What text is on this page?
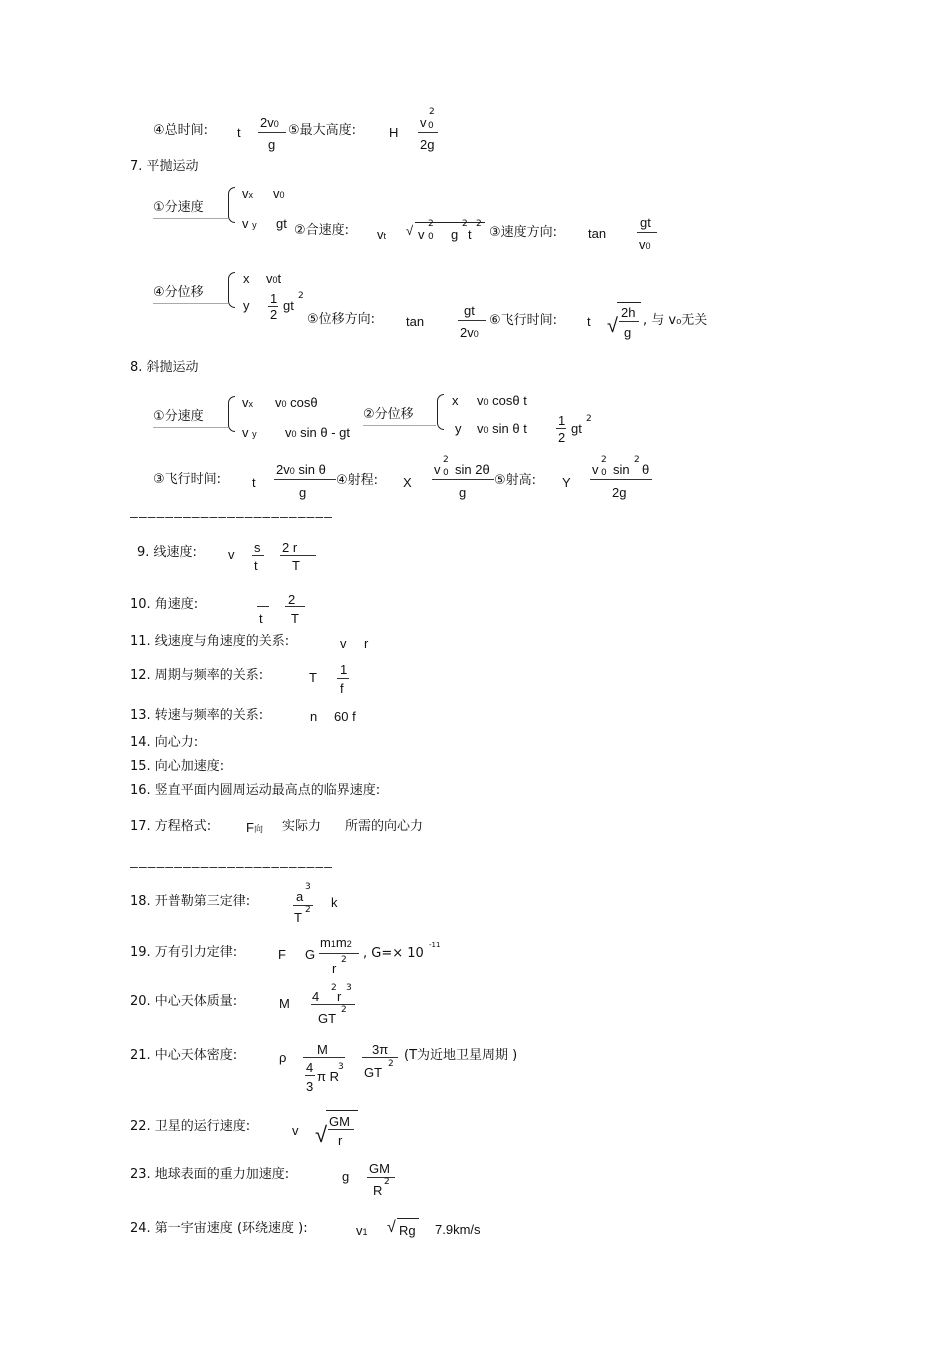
④总时间: t
2v0
g
⑤最大高度:	H
v
2
0
2g
7. 平抛运动
①分速度
vx v0
v y gt ②合速度: vt √ v
2
0 g
2
t
2
③速度方向: tan
gt
v0
④分位移
x v0t
y 1
2
gt
2
⑤位移方向: tan
gt
2v0
⑥飞行时间: t √
2h
g
, 与 v₀无关
8. 斜抛运动
①分速度
vx v0 cosθ
v y v0 sin θ - gt
②分位移
x v0 cosθ t
y v0 sin θ t
1
2
gt
2
③飞行时间: t
2v0 sin θ
g
④射程: X
v
2
0 sin 2θ
g
⑤射高: Y
v
2
0 sin
2
θ
2g
———————————————————————
9. 线速度: v s
t
2 r
T
10. 角速度:
t
2
T
11. 线速度与角速度的关系:	v r
12. 周期与频率的关系:	T
1
f
13. 转速与频率的关系:	n 60 f
14. 向心力:
15. 向心加速度:
16. 竖直平面内圆周运动最高点的临界速度:
17. 方程格式:	F向 实际力 所需的向心力
———————————————————————
18. 开普勒第三定律:	a
3
T 2 k
19. 万有引力定律:	F G
m1m2
r
2 , G=× 10
-11
20. 中心天体质量:	M 4
2
r
3
GT
2
21. 中心天体密度:	ρ
M
4
3
π R
3
3π
GT
2
(T为近地卫星周期 )
22. 卫星的运行速度:	v √
GM
r
23. 地球表面的重力加速度:	g
GM
R
2
24. 第一宇宙速度 (环绕速度 ):	v1 √ Rg 7.9km/s
